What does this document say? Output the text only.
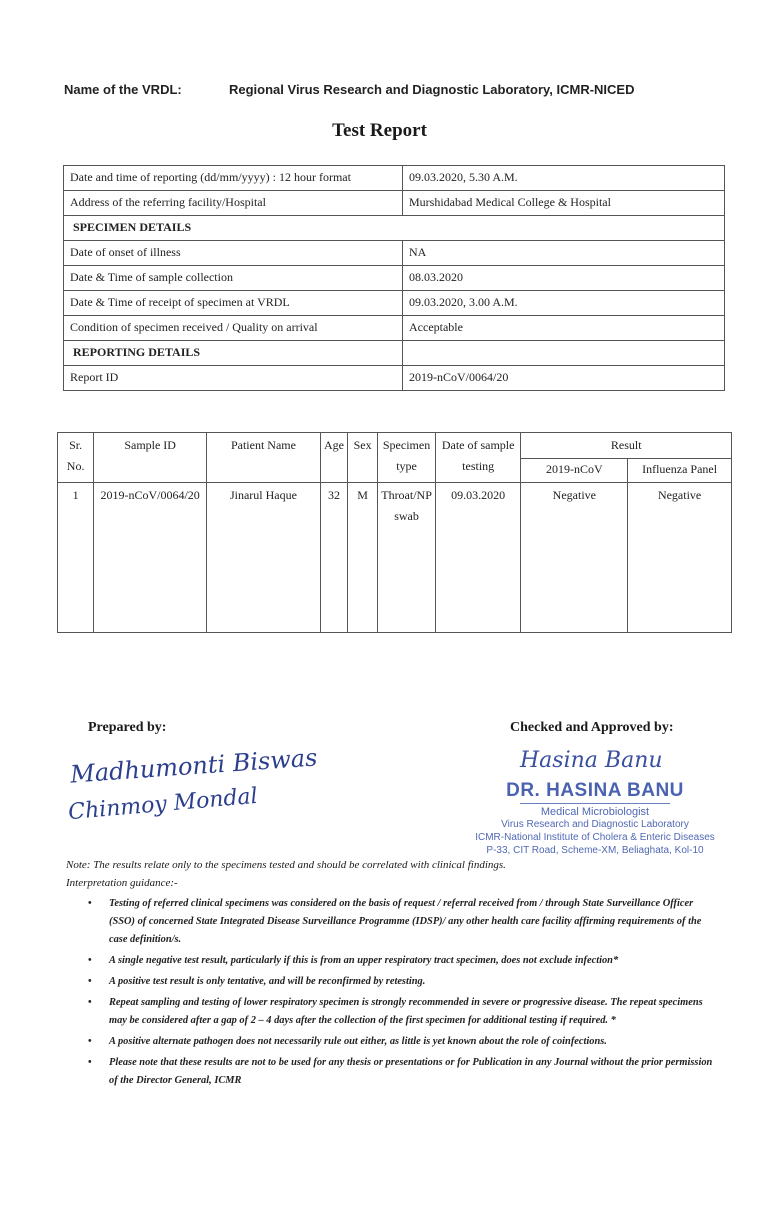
Name of the VRDL:	Regional Virus Research and Diagnostic Laboratory, ICMR-NICED
Test Report
Date and time of reporting (dd/mm/yyyy) : 12 hour format	09.03.2020, 5.30 A.M.
Address of the referring facility/Hospital	Murshidabad Medical College & Hospital
SPECIMEN DETAILS	
Date of onset of illness	NA
Date & Time of sample collection	08.03.2020
Date & Time of receipt of specimen at VRDL	09.03.2020, 3.00 A.M.
Condition of specimen received / Quality on arrival	Acceptable
REPORTING DETAILS	
Report ID	2019-nCoV/0064/20
Sr. No.	Sample ID	Patient Name	Age	Sex	Specimen type	Date of sample testing	Result	
							2019-nCoV	Influenza Panel
1	2019-nCoV/0064/20	Jinarul Haque	32	M	Throat/NP swab	09.03.2020	Negative	Negative
Prepared by:	Checked and Approved by:
Madhumonti Biswas
Chinmoy Mondal
Hasina Banu
DR. HASINA BANU
Medical Microbiologist
Virus Research and Diagnostic Laboratory
ICMR-National Institute of Cholera & Enteric Diseases
P-33, CIT Road, Scheme-XM, Beliaghata, Kol-10
Note: The results relate only to the specimens tested and should be correlated with clinical findings.
Interpretation guidance:-
• Testing of referred clinical specimens was considered on the basis of request / referral received from / through State Surveillance Officer (SSO) of concerned State Integrated Disease Surveillance Programme (IDSP)/ any other health care facility affirming requirements of the case definition/s.
• A single negative test result, particularly if this is from an upper respiratory tract specimen, does not exclude infection*
• A positive test result is only tentative, and will be reconfirmed by retesting.
• Repeat sampling and testing of lower respiratory specimen is strongly recommended in severe or progressive disease. The repeat specimens may be considered after a gap of 2 – 4 days after the collection of the first specimen for additional testing if required. *
• A positive alternate pathogen does not necessarily rule out either, as little is yet known about the role of coinfections.
• Please note that these results are not to be used for any thesis or presentations or for Publication in any Journal without the prior permission of the Director General, ICMR
